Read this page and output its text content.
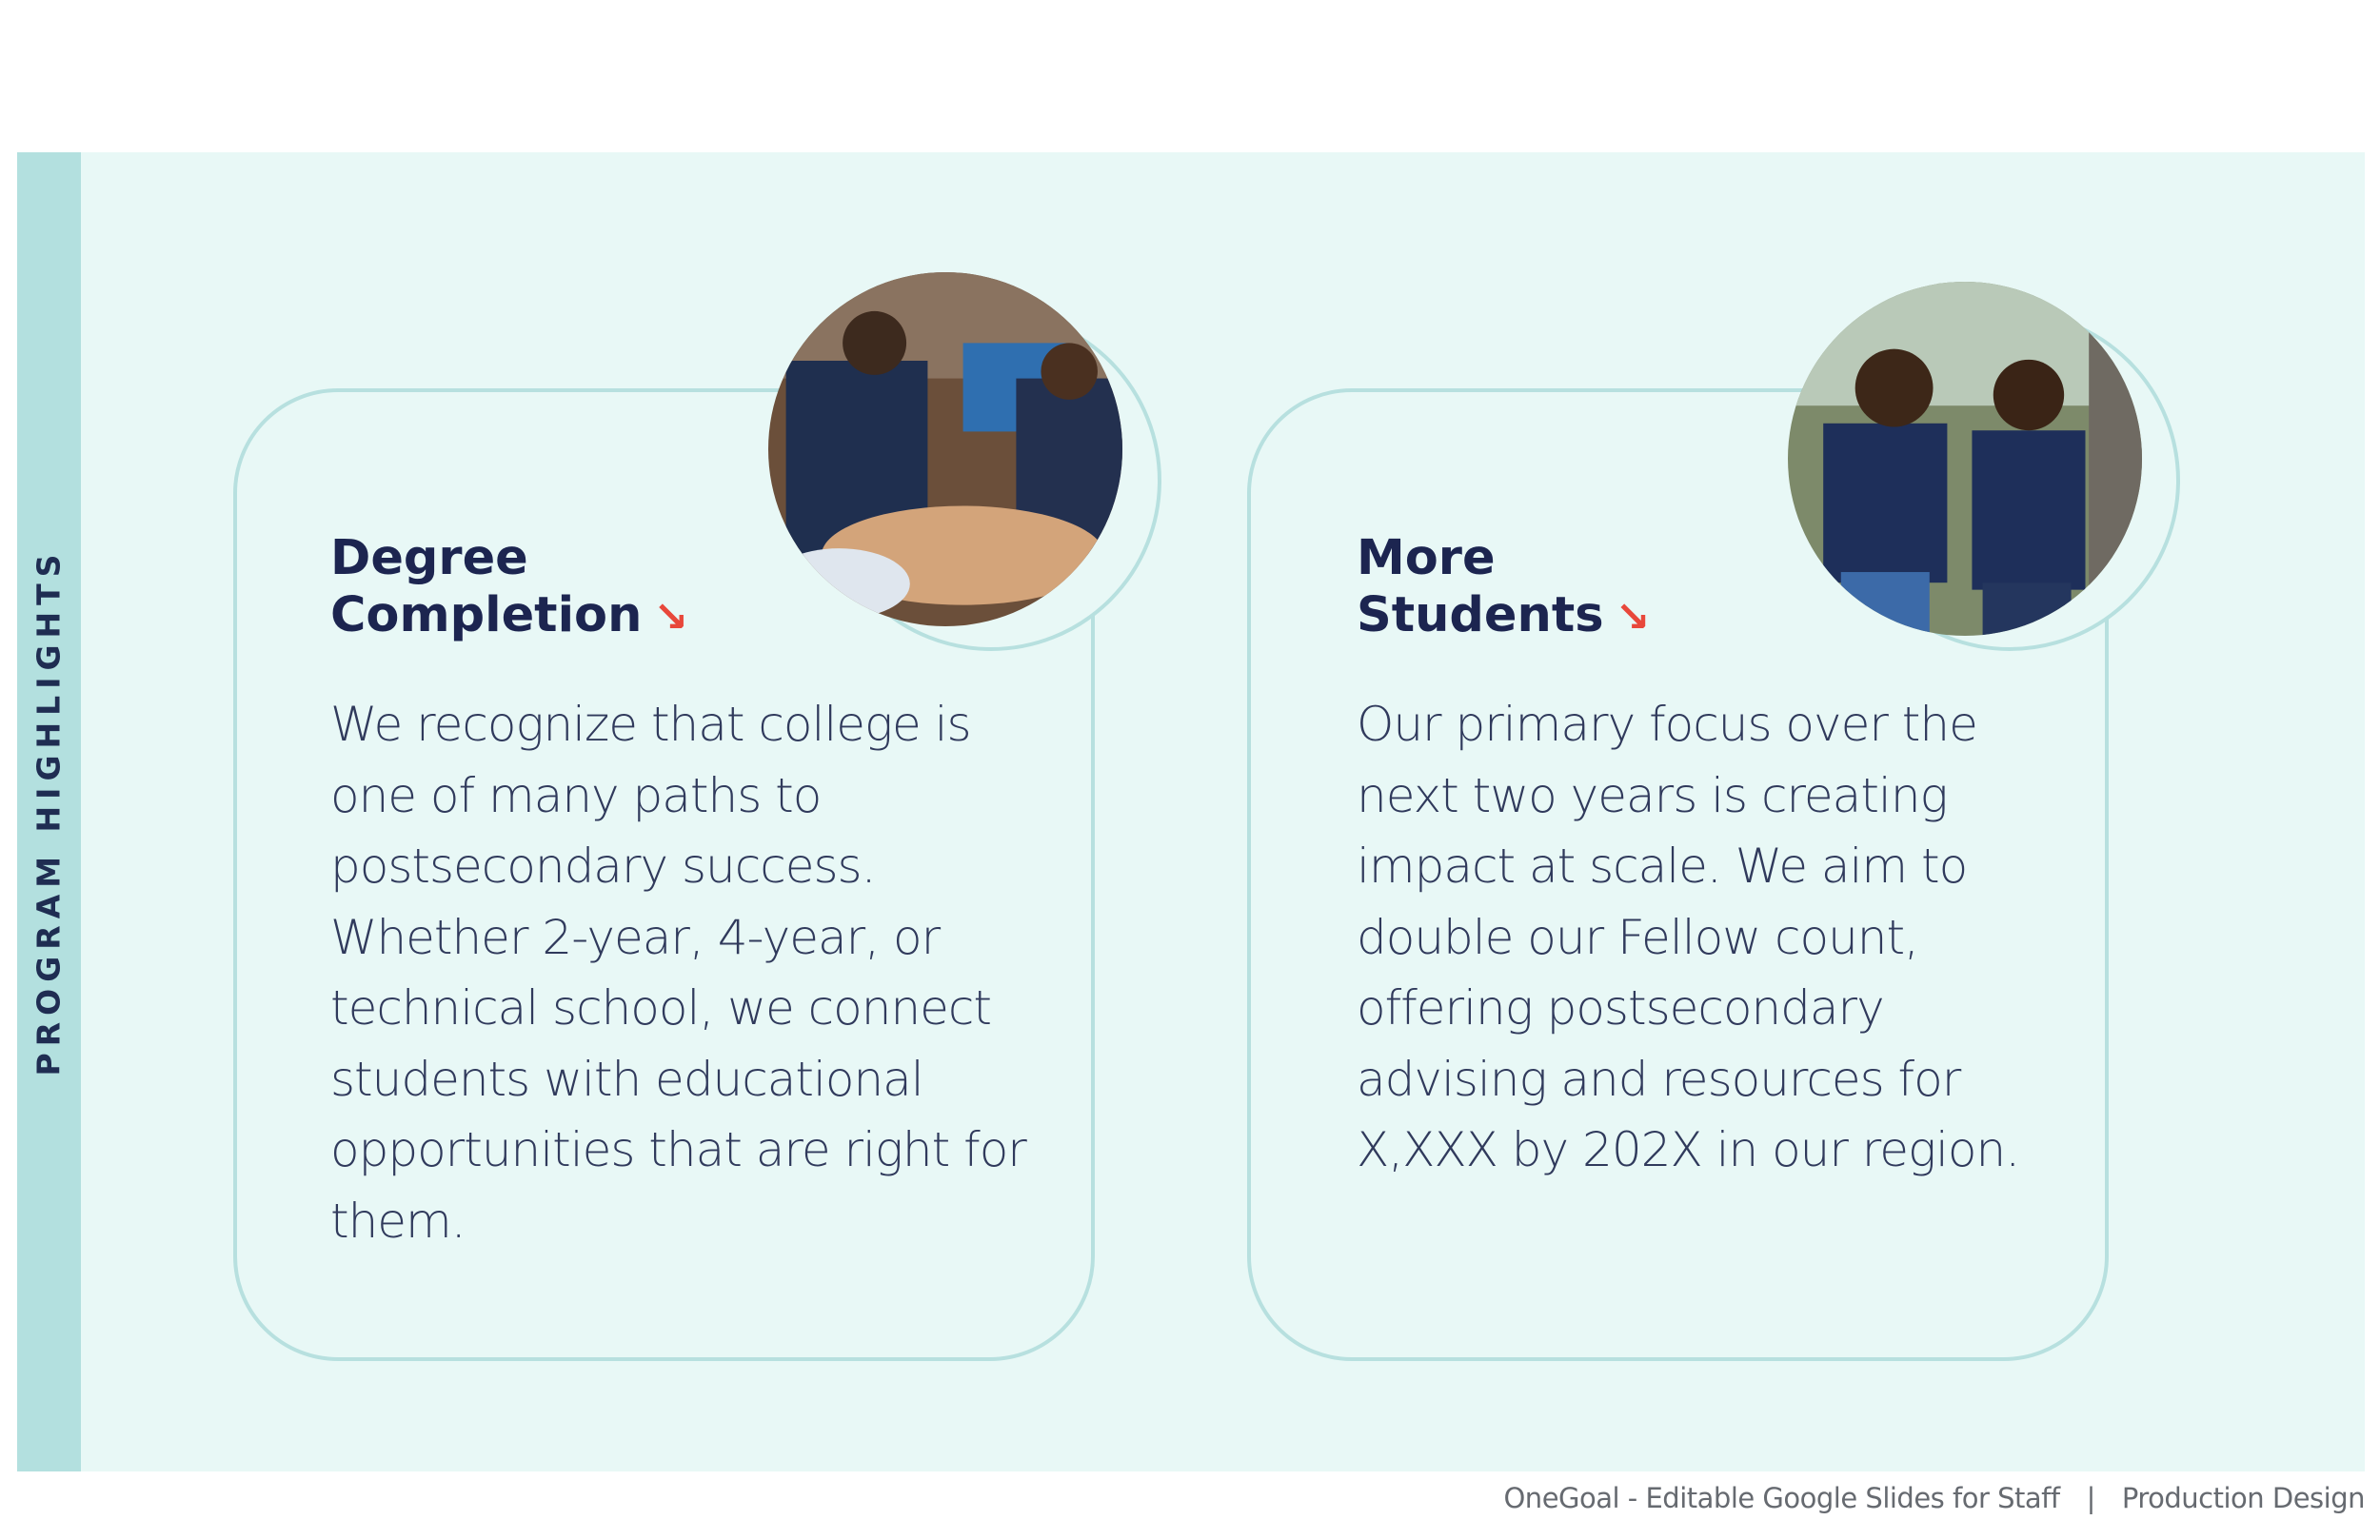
PROGRAM HIGHLIGHTS	Degree
Completion ↘

We recognize that college is one of many paths to postsecondary success. Whether 2-year, 4-year, or technical school, we connect students with educational opportunities that are right for them.

More
Students ↘

Our primary focus over the next two years is creating impact at scale. We aim to double our Fellow count, offering postsecondary advising and resources for X,XXX by 202X in our region.

OneGoal - Editable Google Slides for Staff | Production Design
